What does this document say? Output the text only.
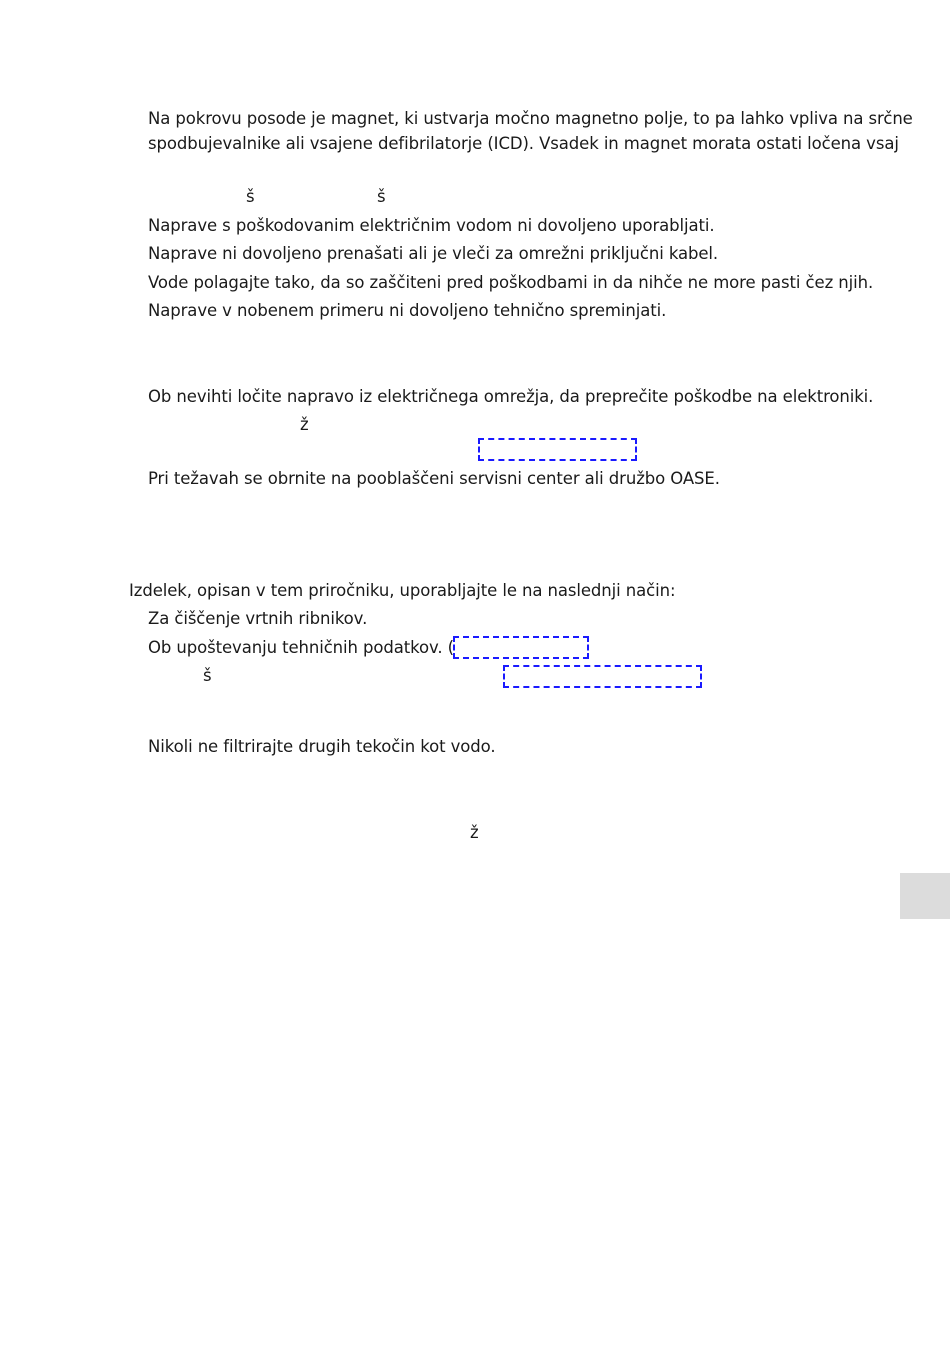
Na pokrovu posode je magnet, ki ustvarja močno magnetno polje, to pa lahko vpliva na srčne
spodbujevalnike ali vsajene defibrilatorje (ICD). Vsadek in magnet morata ostati ločena vsaj
š	š
Naprave s poškodovanim električnim vodom ni dovoljeno uporabljati.
Naprave ni dovoljeno prenašati ali je vleči za omrežni priključni kabel.
Vode polagajte tako, da so zaščiteni pred poškodbami in da nihče ne more pasti čez njih.
Naprave v nobenem primeru ni dovoljeno tehnično spreminjati.
Ob nevihti ločite napravo iz električnega omrežja, da preprečite poškodbe na elektroniki.
ž
Pri težavah se obrnite na pooblaščeni servisni center ali družbo OASE.
Izdelek, opisan v tem priročniku, uporabljajte le na naslednji način:
Za čiščenje vrtnih ribnikov.
Ob upoštevanju tehničnih podatkov. (
š
Nikoli ne filtrirajte drugih tekočin kot vodo.
ž
